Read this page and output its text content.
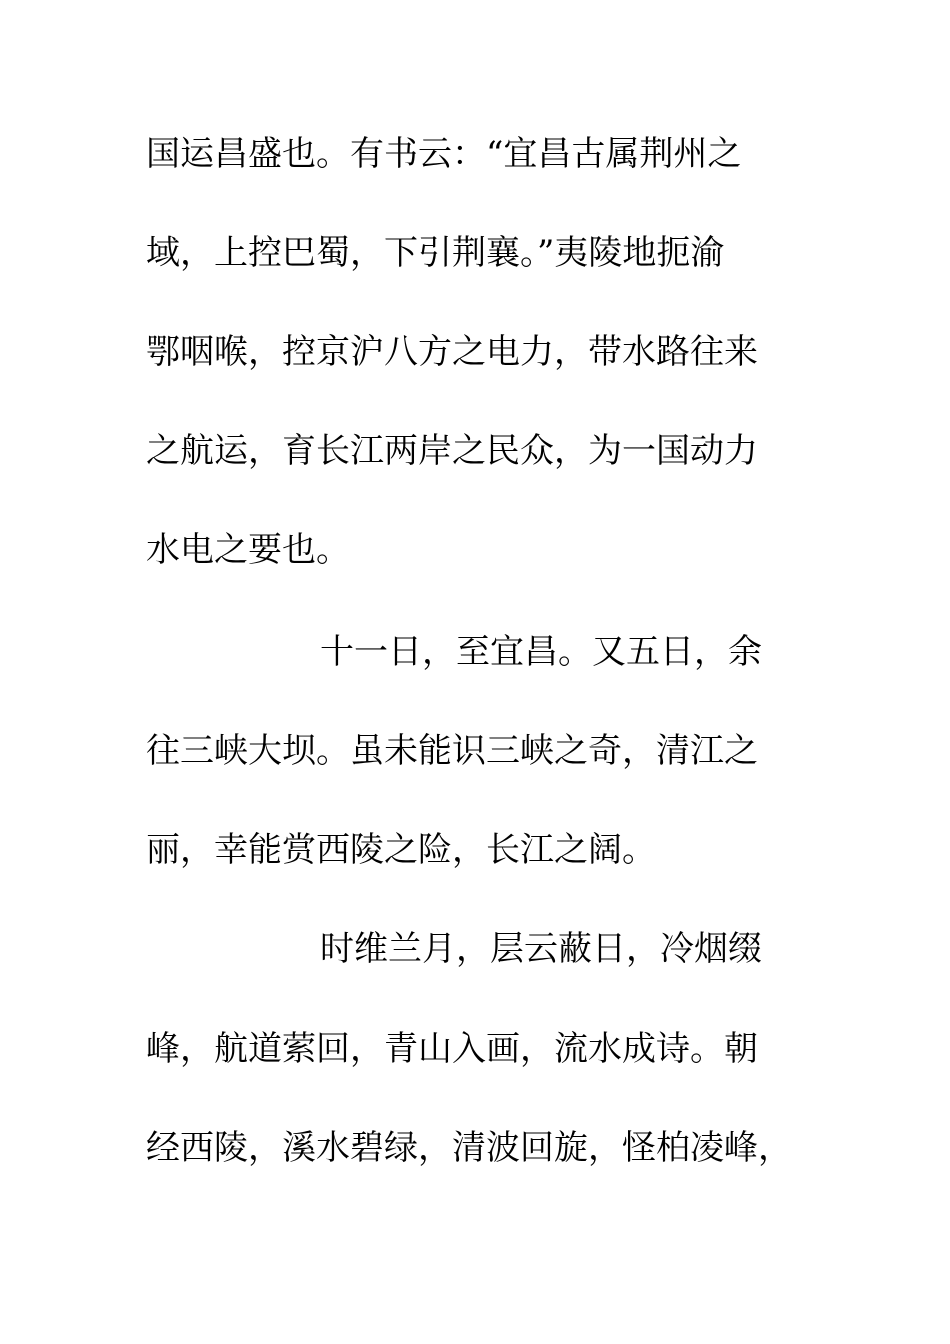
国运昌盛也。有书云：“宜昌古属荆州之
域，上控巴蜀，下引荆襄。”夷陵地扼渝
鄂咽喉，控京沪八方之电力，带水路往来
之航运，育长江两岸之民众，为一国动力
水电之要也。
十一日，至宜昌。又五日，余
往三峡大坝。虽未能识三峡之奇，清江之
丽，幸能赏西陵之险，长江之阔。
时维兰月，层云蔽日，冷烟缀
峰，航道萦回，青山入画，流水成诗。朝
经西陵，溪水碧绿，清波回旋，怪柏凌峰，
